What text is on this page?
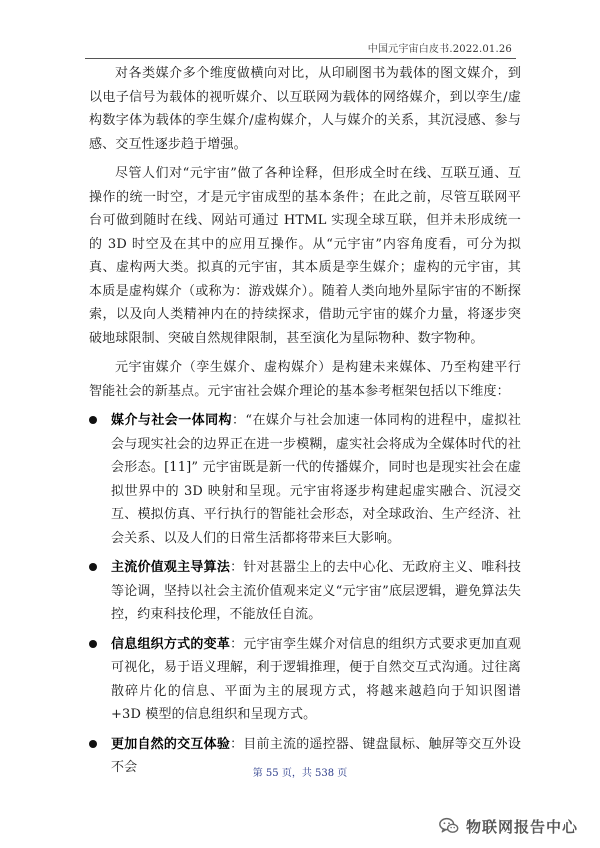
中国元宇宙白皮书.2022.01.26

对各类媒介多个维度做横向对比，从印刷图书为载体的图文媒介，到以电子信号为载体的视听媒介、以互联网为载体的网络媒介，到以孪生/虚构数字体为载体的孪生媒介/虚构媒介，人与媒介的关系，其沉浸感、参与感、交互性逐步趋于增强。

尽管人们对“元宇宙”做了各种诠释，但形成全时在线、互联互通、互操作的统一时空，才是元宇宙成型的基本条件；在此之前，尽管互联网平台可做到随时在线、网站可通过 HTML 实现全球互联，但并未形成统一的 3D 时空及在其中的应用互操作。从“元宇宙”内容角度看，可分为拟真、虚构两大类。拟真的元宇宙，其本质是孪生媒介；虚构的元宇宙，其本质是虚构媒介（或称为：游戏媒介）。随着人类向地外星际宇宙的不断探索，以及向人类精神内在的持续探求，借助元宇宙的媒介力量，将逐步突破地球限制、突破自然规律限制，甚至演化为星际物种、数字物种。

元宇宙媒介（孪生媒介、虚构媒介）是构建未来媒体、乃至构建平行智能社会的新基点。元宇宙社会媒介理论的基本参考框架包括以下维度：

媒介与社会一体同构：“在媒介与社会加速一体同构的进程中，虚拟社会与现实社会的边界正在进一步模糊，虚实社会将成为全媒体时代的社会形态。[11]” 元宇宙既是新一代的传播媒介，同时也是现实社会在虚拟世界中的 3D 映射和呈现。元宇宙将逐步构建起虚实融合、沉浸交互、模拟仿真、平行执行的智能社会形态，对全球政治、生产经济、社会关系、以及人们的日常生活都将带来巨大影响。
主流价值观主导算法：针对甚嚣尘上的去中心化、无政府主义、唯科技等论调，坚持以社会主流价值观来定义“元宇宙”底层逻辑，避免算法失控，约束科技伦理，不能放任自流。
信息组织方式的变革：元宇宙孪生媒介对信息的组织方式要求更加直观可视化，易于语义理解，利于逻辑推理，便于自然交互式沟通。过往离散碎片化的信息、平面为主的展现方式，将越来越趋向于知识图谱+3D 模型的信息组织和呈现方式。
更加自然的交互体验：目前主流的遥控器、键盘鼠标、触屏等交互外设不会	第 55 页，共 538 页
物联网报告中心
